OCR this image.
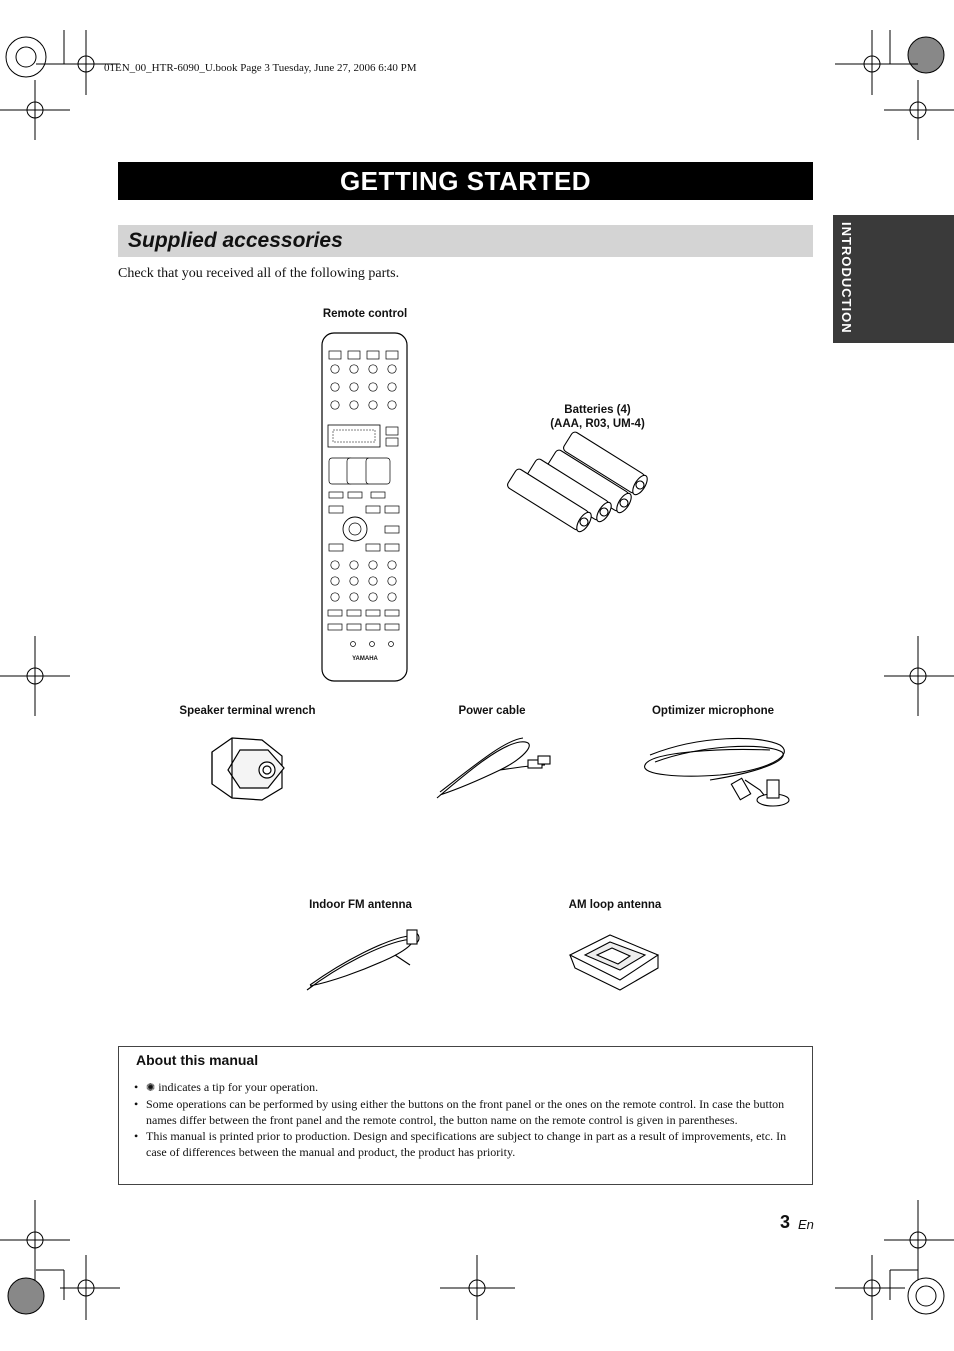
01EN_00_HTR-6090_U.book Page 3 Tuesday, June 27, 2006 6:40 PM
GETTING STARTED
Supplied accessories	INTRODUCTION
Check that you received all of the following parts.
Remote control
YAMAHA
Batteries (4)
(AAA, R03, UM-4)
Speaker terminal wrench	Power cable	Optimizer microphone
Indoor FM antenna	AM loop antenna
About this manual
• ✺ indicates a tip for your operation.
• Some operations can be performed by using either the buttons on the front panel or the ones on the remote control. In case the button names differ between the front panel and the remote control, the button name on the remote control is given in parentheses.
• This manual is printed prior to production. Design and specifications are subject to change in part as a result of improvements, etc. In case of differences between the manual and product, the product has priority.
3 En
